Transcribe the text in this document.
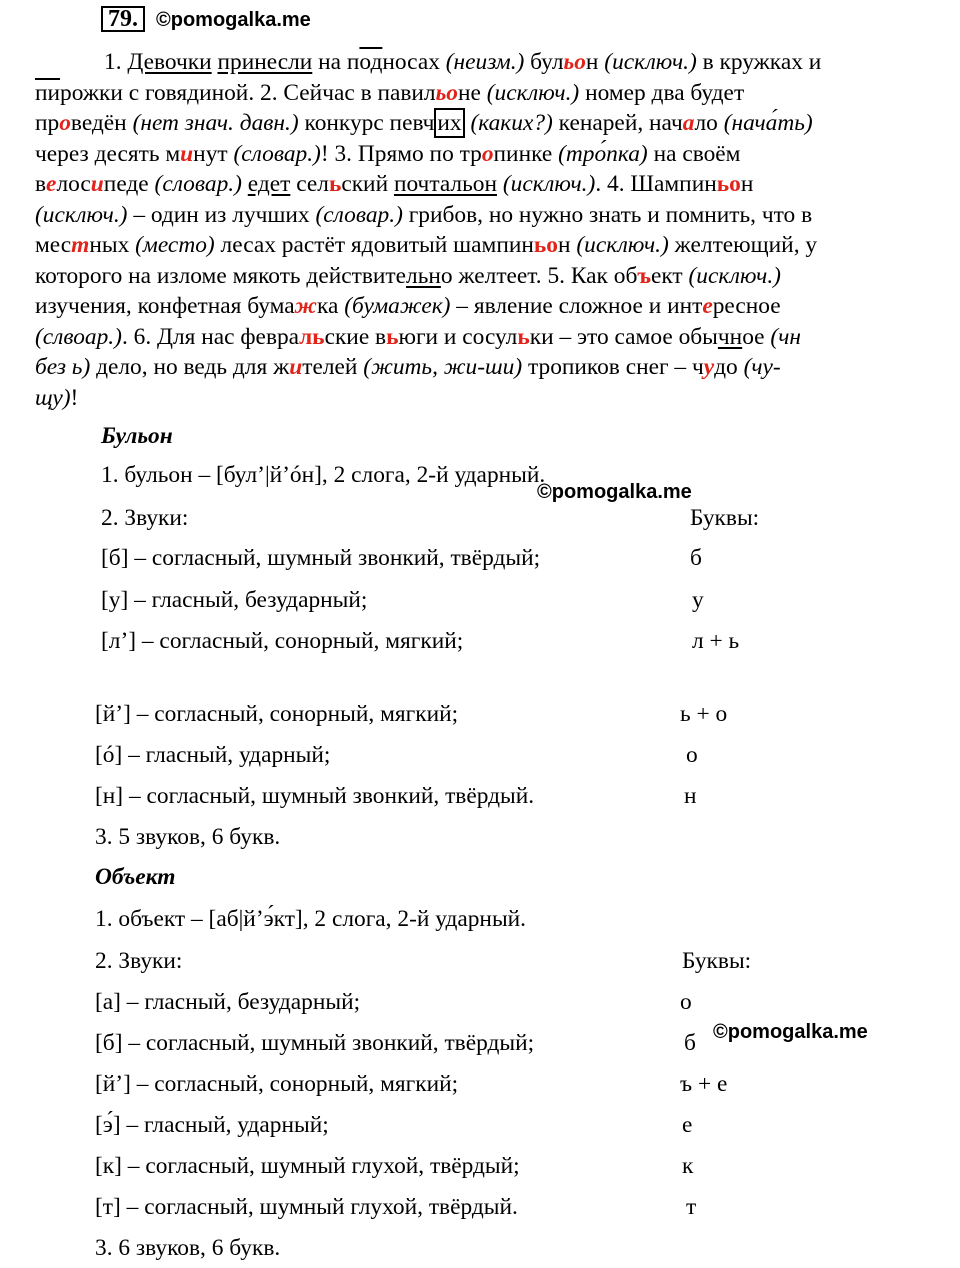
79. ©pomogalka.me
1. Девочки принесли на подносах (неизм.) бульон (исключ.) в кружках и
пирожки с говядиной. 2. Сейчас в павильоне (исключ.) номер два будет
проведён (нет знач. давн.) конкурс певч их (каких?) кенарей, начало (нача́ть)
через десять минут (словар.)! 3. Прямо по тропинке (тро́пка) на своём
велосипеде (словар.) едет сельский почтальон (исключ.). 4. Шампиньон
(исключ.) – один из лучших (словар.) грибов, но нужно знать и помнить, что в
местных (место) лесах растёт ядовитый шампиньон (исключ.) желтеющий, у
которого на изломе мякоть действительно желтеет. 5. Как объект (исключ.)
изучения, конфетная бумажка (бумажек) – явление сложное и интересное
(слвоар.). 6. Для нас февральские вьюги и сосульки – это самое обычное (чн
без ь) дело, но ведь для жителей (жить, жи-ши) тропиков снег – чудо (чу-
щу)!
Бульон
1. бульон – [бул’|й’óн], 2 слога, 2-й ударный.
©pomogalka.me
2. Звуки:	Буквы:
[б] – согласный, шумный звонкий, твёрдый;	б
[у] – гласный, безударный;	у
[л’] – согласный, сонорный, мягкий;	л + ь
[й’] – согласный, сонорный, мягкий;	ь + о
[ó] – гласный, ударный;	о
[н] – согласный, шумный звонкий, твёрдый.	н
3. 5 звуков, 6 букв.
Объект
1. объект – [аб|й’э́кт], 2 слога, 2-й ударный.
2. Звуки:	Буквы:
[а] – гласный, безударный;	о
[б] – согласный, шумный звонкий, твёрдый;	б ©pomogalka.me
[й’] – согласный, сонорный, мягкий;	ъ + е
[э́] – гласный, ударный;	е
[к] – согласный, шумный глухой, твёрдый;	к
[т] – согласный, шумный глухой, твёрдый.	т
3. 6 звуков, 6 букв.
